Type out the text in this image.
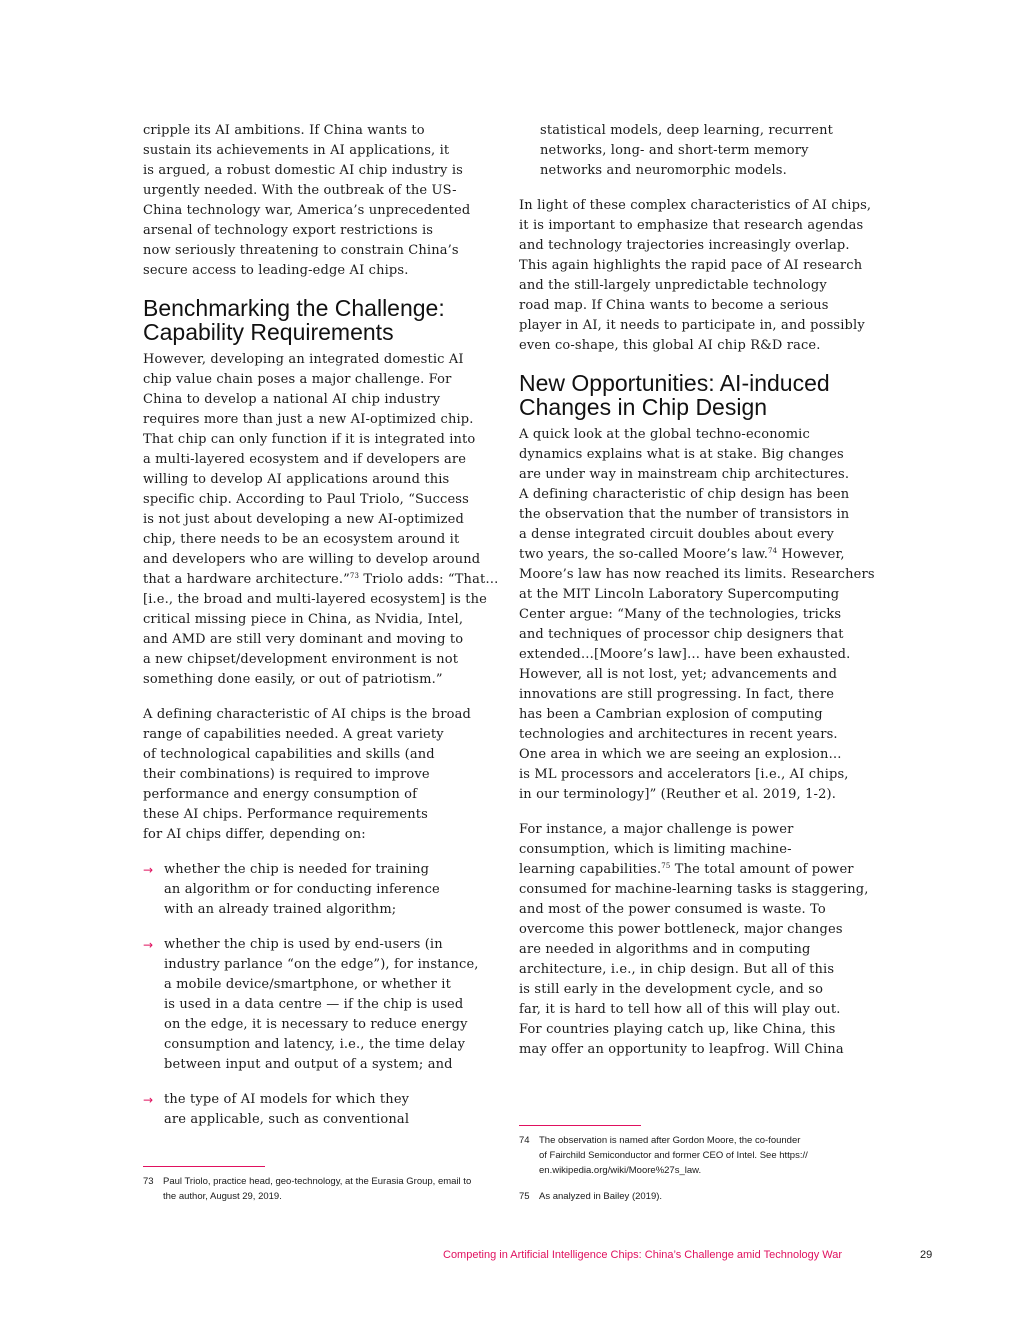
cripple its AI ambitions. If China wants to
sustain its achievements in AI applications, it
is argued, a robust domestic AI chip industry is
urgently needed. With the outbreak of the US-
China technology war, America’s unprecedented
arsenal of technology export restrictions is
now seriously threatening to constrain China’s
secure access to leading-edge AI chips.

Benchmarking the Challenge:
Capability Requirements

However, developing an integrated domestic AI
chip value chain poses a major challenge. For
China to develop a national AI chip industry
requires more than just a new AI-optimized chip.
That chip can only function if it is integrated into
a multi-layered ecosystem and if developers are
willing to develop AI applications around this
specific chip. According to Paul Triolo, “Success
is not just about developing a new AI-optimized
chip, there needs to be an ecosystem around it
and developers who are willing to develop around
that a hardware architecture.”$^{73}$ Triolo adds: “That…
[i.e., the broad and multi-layered ecosystem] is the
critical missing piece in China, as Nvidia, Intel,
and AMD are still very dominant and moving to
a new chipset/development environment is not
something done easily, or out of patriotism.”

A defining characteristic of AI chips is the broad
range of capabilities needed. A great variety
of technological capabilities and skills (and
their combinations) is required to improve
performance and energy consumption of
these AI chips. Performance requirements
for AI chips differ, depending on:

→ whether the chip is needed for training
an algorithm or for conducting inference
with an already trained algorithm;

→ whether the chip is used by end-users (in
industry parlance “on the edge”), for instance,
a mobile device/smartphone, or whether it
is used in a data centre — if the chip is used
on the edge, it is necessary to reduce energy
consumption and latency, i.e., the time delay
between input and output of a system; and

→ the type of AI models for which they
are applicable, such as conventional

statistical models, deep learning, recurrent
networks, long- and short-term memory
networks and neuromorphic models.

In light of these complex characteristics of AI chips,
it is important to emphasize that research agendas
and technology trajectories increasingly overlap.
This again highlights the rapid pace of AI research
and the still-largely unpredictable technology
road map. If China wants to become a serious
player in AI, it needs to participate in, and possibly
even co-shape, this global AI chip R&D race.

New Opportunities: AI-induced
Changes in Chip Design

A quick look at the global techno-economic
dynamics explains what is at stake. Big changes
are under way in mainstream chip architectures.
A defining characteristic of chip design has been
the observation that the number of transistors in
a dense integrated circuit doubles about every
two years, the so-called Moore’s law.$^{74}$ However,
Moore’s law has now reached its limits. Researchers
at the MIT Lincoln Laboratory Supercomputing
Center argue: “Many of the technologies, tricks
and techniques of processor chip designers that
extended…[Moore’s law]… have been exhausted.
However, all is not lost, yet; advancements and
innovations are still progressing. In fact, there
has been a Cambrian explosion of computing
technologies and architectures in recent years.
One area in which we are seeing an explosion…
is ML processors and accelerators [i.e., AI chips,
in our terminology]” (Reuther et al. 2019, 1-2).

For instance, a major challenge is power
consumption, which is limiting machine-
learning capabilities.$^{75}$ The total amount of power
consumed for machine-learning tasks is staggering,
and most of the power consumed is waste. To
overcome this power bottleneck, major changes
are needed in algorithms and in computing
architecture, i.e., in chip design. But all of this
is still early in the development cycle, and so
far, it is hard to tell how all of this will play out.
For countries playing catch up, like China, this
may offer an opportunity to leapfrog. Will China

73 Paul Triolo, practice head, geo-technology, at the Eurasia Group, email to
the author, August 29, 2019.
74 The observation is named after Gordon Moore, the co-founder
of Fairchild Semiconductor and former CEO of Intel. See https://
en.wikipedia.org/wiki/Moore%27s_law.
75 As analyzed in Bailey (2019).
Competing in Artificial Intelligence Chips: China’s Challenge amid Technology War	29
